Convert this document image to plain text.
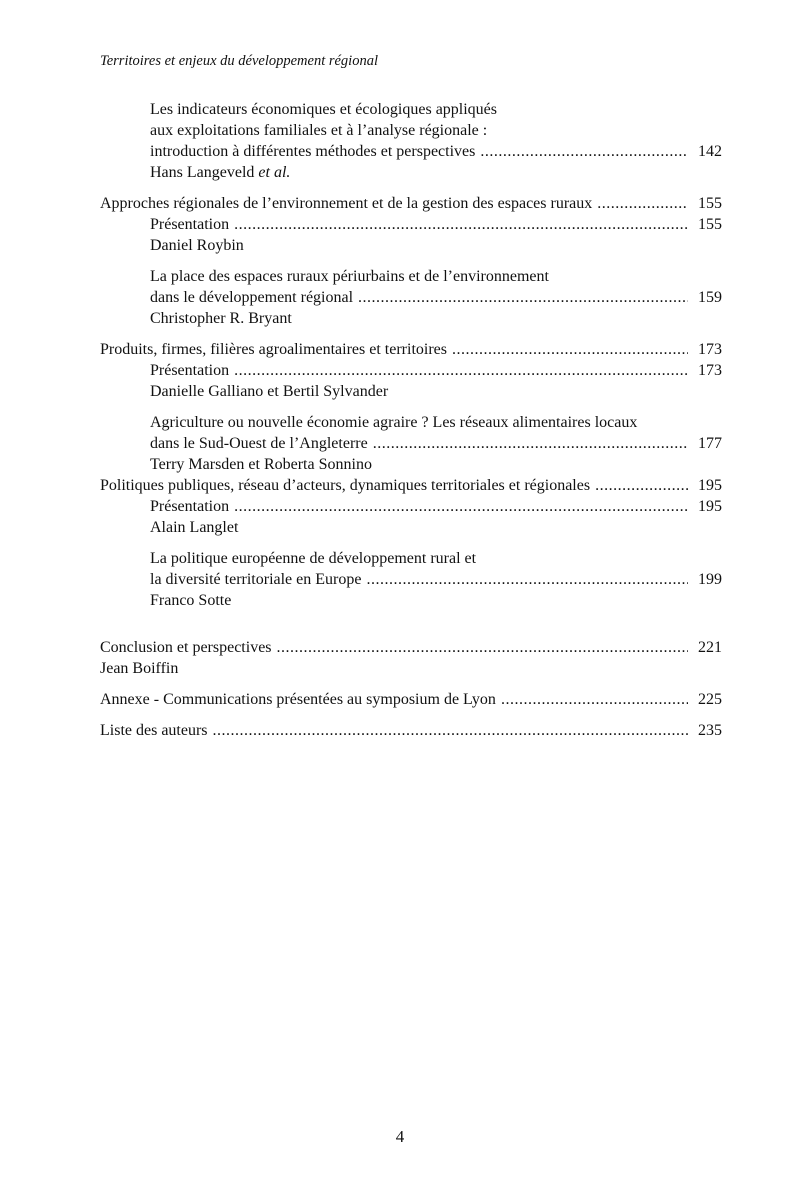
Territoires et enjeux du développement régional
Les indicateurs économiques et écologiques appliqués
aux exploitations familiales et à l’analyse régionale :
introduction à différentes méthodes et perspectives .....	142
Hans Langeveld et al.
Approches régionales de l’environnement et de la gestion des espaces ruraux .....	155
Présentation .....	155
Daniel Roybin
La place des espaces ruraux périurbains et de l’environnement
dans le développement régional .....	159
Christopher R. Bryant
Produits, firmes, filières agroalimentaires et territoires .....	173
Présentation .....	173
Danielle Galliano et Bertil Sylvander
Agriculture ou nouvelle économie agraire ? Les réseaux alimentaires locaux
dans le Sud-Ouest de l’Angleterre .....	177
Terry Marsden et Roberta Sonnino
Politiques publiques, réseau d’acteurs, dynamiques territoriales et régionales .....	195
Présentation .....	195
Alain Langlet
La politique européenne de développement rural et
la diversité territoriale en Europe .....	199
Franco Sotte
Conclusion et perspectives .....	221
Jean Boiffin
Annexe - Communications présentées au symposium de Lyon .....	225
Liste des auteurs .....	235
4
